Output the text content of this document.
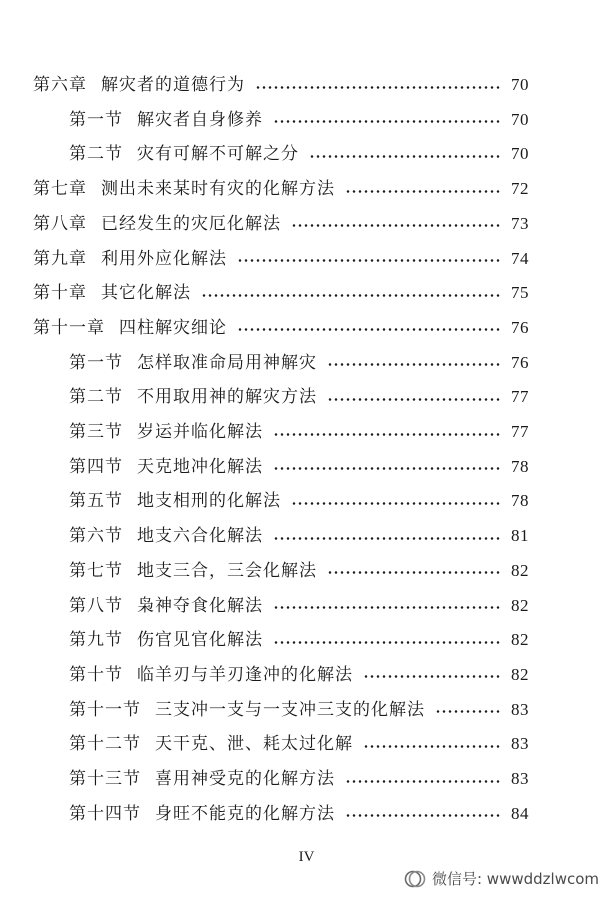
第六章 解灾者的道德行为	70
第一节 解灾者自身修养	70
第二节 灾有可解不可解之分	70
第七章 测出未来某时有灾的化解方法	72
第八章 已经发生的灾厄化解法	73
第九章 利用外应化解法	74
第十章 其它化解法	75
第十一章 四柱解灾细论	76
第一节 怎样取准命局用神解灾	76
第二节 不用取用神的解灾方法	77
第三节 岁运并临化解法	77
第四节 天克地冲化解法	78
第五节 地支相刑的化解法	78
第六节 地支六合化解法	81
第七节 地支三合，三会化解法	82
第八节 枭神夺食化解法	82
第九节 伤官见官化解法	82
第十节 临羊刃与羊刃逢冲的化解法	82
第十一节 三支冲一支与一支冲三支的化解法	83
第十二节 天干克、泄、耗太过化解	83
第十三节 喜用神受克的化解方法	83
第十四节 身旺不能克的化解方法	84
IV
微信号: wwwddzlwcom
